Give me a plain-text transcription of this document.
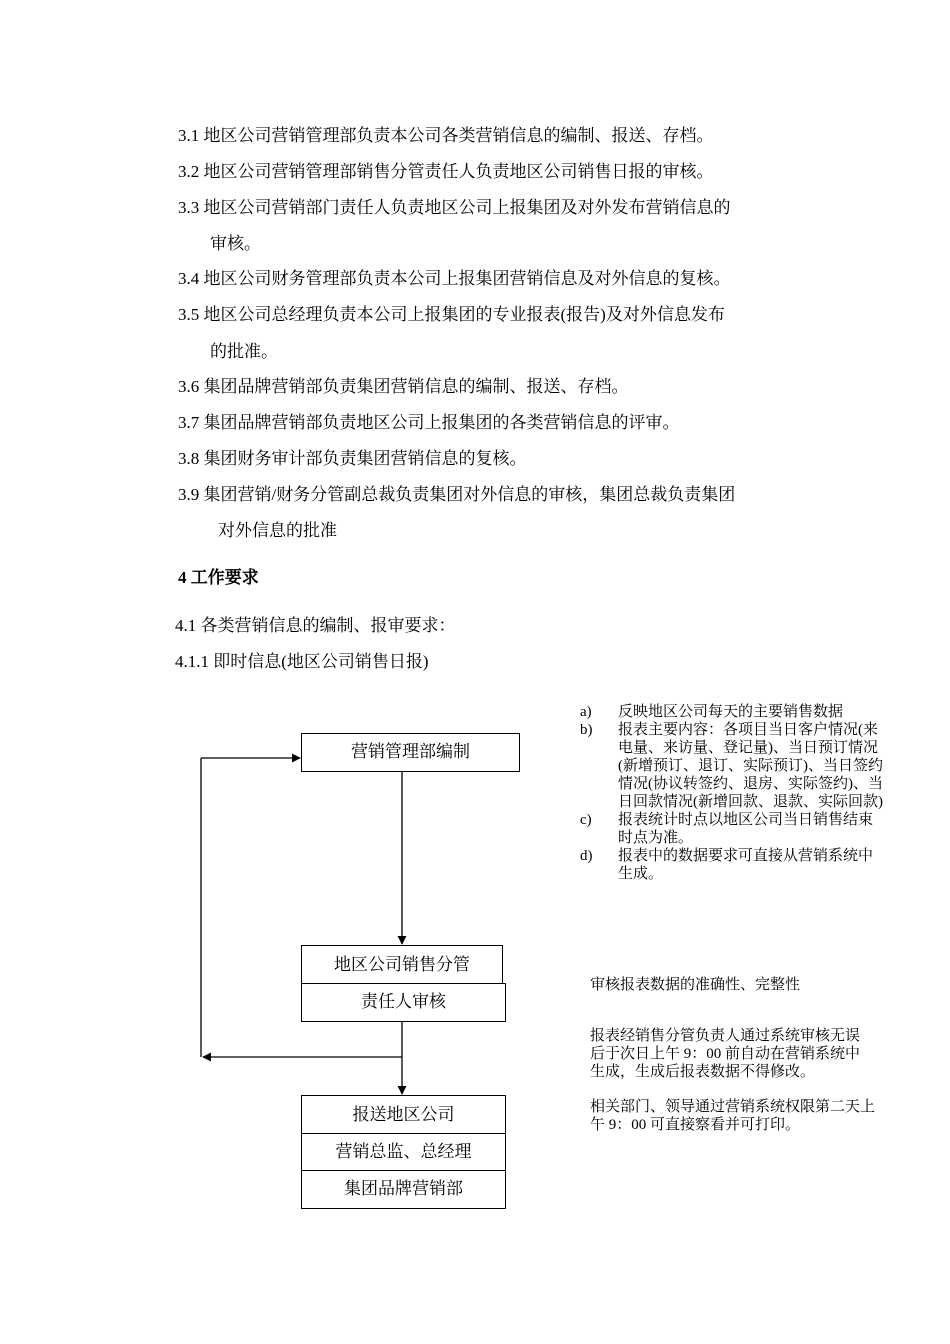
3.1 地区公司营销管理部负责本公司各类营销信息的编制、报送、存档。
3.2 地区公司营销管理部销售分管责任人负责地区公司销售日报的审核。
3.3 地区公司营销部门责任人负责地区公司上报集团及对外发布营销信息的
审核。
3.4 地区公司财务管理部负责本公司上报集团营销信息及对外信息的复核。
3.5 地区公司总经理负责本公司上报集团的专业报表(报告)及对外信息发布
的批准。
3.6 集团品牌营销部负责集团营销信息的编制、报送、存档。
3.7 集团品牌营销部负责地区公司上报集团的各类营销信息的评审。
3.8 集团财务审计部负责集团营销信息的复核。
3.9 集团营销/财务分管副总裁负责集团对外信息的审核，集团总裁负责集团
对外信息的批准
4 工作要求
4.1 各类营销信息的编制、报审要求：
4.1.1 即时信息(地区公司销售日报)
营销管理部编制
地区公司销售分管
责任人审核
报送地区公司
营销总监、总经理
集团品牌营销部
a)	反映地区公司每天的主要销售数据
b)	报表主要内容：各项目当日客户情况(来电量、来访量、登记量)、当日预订情况(新增预订、退订、实际预订)、当日签约情况(协议转签约、退房、实际签约)、当日回款情况(新增回款、退款、实际回款)
c)	报表统计时点以地区公司当日销售结束时点为准。
d)	报表中的数据要求可直接从营销系统中生成。
审核报表数据的准确性、完整性
报表经销售分管负责人通过系统审核无误后于次日上午 9：00 前自动在营销系统中生成，生成后报表数据不得修改。
相关部门、领导通过营销系统权限第二天上午 9：00 可直接察看并可打印。
